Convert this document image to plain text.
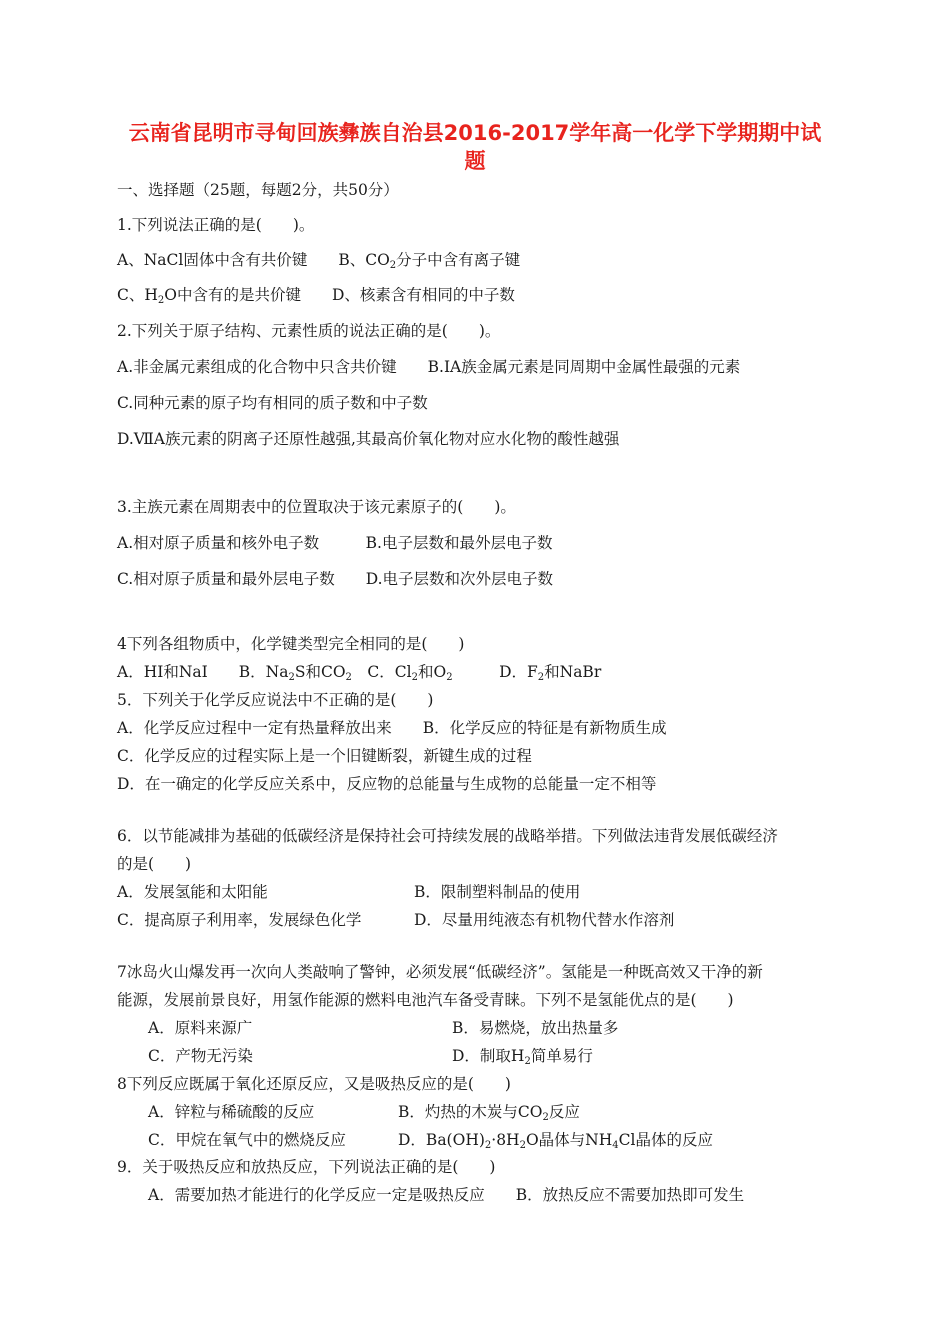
云南省昆明市寻甸回族彝族自治县2016-2017学年高一化学下学期期中试
题
一、选择题（25题，每题2分，共50分）
1.下列说法正确的是(　　)。
A、NaCl固体中含有共价键　　B、$CO_2$分子中含有离子键
C、$H_2O$中含有的是共价键　　D、核素含有相同的中子数
2.下列关于原子结构、元素性质的说法正确的是(　　)。
A.非金属元素组成的化合物中只含共价键　　B.ⅠA族金属元素是同周期中金属性最强的元素
C.同种元素的原子均有相同的质子数和中子数
D.ⅦA族元素的阴离子还原性越强,其最高价氧化物对应水化物的酸性越强
3.主族元素在周期表中的位置取决于该元素原子的(　　)。
A.相对原子质量和核外电子数　　　B.电子层数和最外层电子数
C.相对原子质量和最外层电子数　　D.电子层数和次外层电子数
4下列各组物质中，化学键类型完全相同的是(　　)
A．HI和NaI　　B．$Na_2S$和$CO_2$　C．$Cl_2$和$O_2$　　　D．$F_2$和NaBr
5．下列关于化学反应说法中不正确的是(　　)
A．化学反应过程中一定有热量释放出来　　B．化学反应的特征是有新物质生成
C．化学反应的过程实际上是一个旧键断裂，新键生成的过程
D．在一确定的化学反应关系中，反应物的总能量与生成物的总能量一定不相等
6．以节能减排为基础的低碳经济是保持社会可持续发展的战略举措。下列做法违背发展低碳经济
的是(　　)
A．发展氢能和太阳能	B．限制塑料制品的使用
C．提高原子利用率，发展绿色化学	D．尽量用纯液态有机物代替水作溶剂
7冰岛火山爆发再一次向人类敲响了警钟，必须发展“低碳经济”。氢能是一种既高效又干净的新
能源，发展前景良好，用氢作能源的燃料电池汽车备受青睐。下列不是氢能优点的是(　　)
A．原料来源广	B．易燃烧，放出热量多
C．产物无污染	D．制取$H_2$简单易行
8下列反应既属于氧化还原反应，又是吸热反应的是(　　)
A．锌粒与稀硫酸的反应	B．灼热的木炭与$CO_2$反应
C．甲烷在氧气中的燃烧反应	D．$Ba(OH)_2\cdot 8H_2O$晶体与$NH_4Cl$晶体的反应
9．关于吸热反应和放热反应，下列说法正确的是(　　)
A．需要加热才能进行的化学反应一定是吸热反应　　B．放热反应不需要加热即可发生
